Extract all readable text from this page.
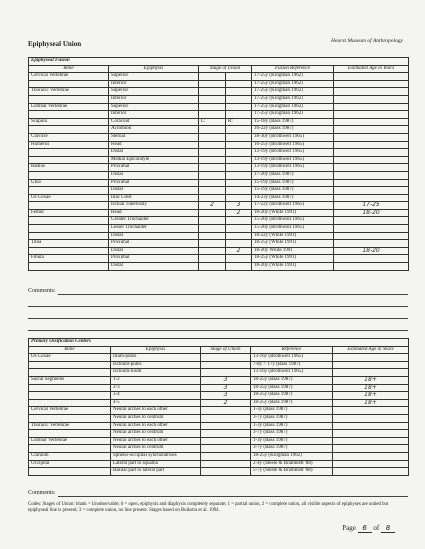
Hearst Museum of Anthropology
Epiphyseal Union
Epiphyseal Fusion					
Bone	Epiphysis	Stage of Union		Fusion Reference	Estimated Age in Years
Cervical Vertebrae	Superior			17-25y (Krogman 1962)	
	Inferior			17-25y (Krogman 1962)	
Thoracic Vertebrae	Superior			17-25y (Krogman 1962)	
	Inferior			17-25y (Krogman 1962)	
Lumbar Vertebrae	Superior			17-25y (Krogman 1962)	
	Inferior			17-25y (Krogman 1962)	
Scapula	Coracoid	L:	R:	15-18y (Bass 1987)	
	Acromion			16-22y (Bass 1987)	
Clavicle	Sternal			18-30y (Brothwell 1965)	
Humerus	Head			16-25y (Brothwell 1965)	
	Distal			13-19y (Brothwell 1965)	
	Medial Epicondyle			13-19y (Brothwell 1965)	
Radius	Proximal			13-19y (Brothwell 1965)	
	Distal			17-20y (Bass 1987)	
Ulna	Proximal			15-19y (Bass 1987)	
	Distal			15-19y (Bass 1987)	
Os Coxae	Iliac Crest			14-23y (Bass 1987)	
	Ischial Tuberosity	2	3	17-22y (Brothwell 1965)	17-25
Femur	Head		2	18-20y (White 1991)	18-20
	Greater Trochanter			15-20y (Brothwell 1965)	
	Lesser Trochanter			15-20y (Brothwell 1965)	
	Distal			18-22y (White 1991)	
Tibia	Proximal			18-25y (White 1991)	
	Distal		2	18-20y White 1991	18-20
Fibula	Proximal			18-25y (White 1991)	
	Distal			18-20y (White 1991)	
Comments:
Primary Ossification Centers				
Bone	Epiphysis	Stage of Union	Reference	Estimated Age in Years
Os Coxae	Ilium-pubis		13-16y (Brothwell 1965)	
	Ischium-pubis		7-8y > 17y (Bass 1987)	
	Ischium-ilium		13-16y (Brothwell 1965)	
Sacral Segments	1-2	3	18-25y (Bass 1987)	18+
	2-3	3	18-25y (Bass 1987)	18+
	3-4	3	18-25y (Bass 1987)	18+
	4-5	2	18-25y (Bass 1987)	18+
Cervical Vertebrae	Neural arches to each other		1-3y (Bass 1987)	
	Neural arches to centrum		3-7y (Bass 1987)	
Thoracic Vertebrae	Neural arches to each other		1-3y (Bass 1987)	
	Neural arches to centrum		3-7y (Bass 1987)	
Lumbar Vertebrae	Neural arches to each other		1-3y (Bass 1987)	
	Neural arches to centrum		3-7y (Bass 1987)	
Cranium	Spheno-occipital synchondrosis		18-25y (Krogman 1962)	
Occipital	Lateral part to squama		2-4y (Steele & Bramblett '88)	
	Basilar part to lateral part		5-7y (Steele & Bramblett '88)	
Comments:
Codes: Stages of Union: blank = Unobservable; 0 = open, epiphysis and diaphysis completely separate; 1 = partial union, 2 = complete union, all visible aspects of epiphyses are united but epiphyseal line is present; 3 = complete union, no line present. Stages based on Buikstra et al. 1994.
Page 6 of 8
